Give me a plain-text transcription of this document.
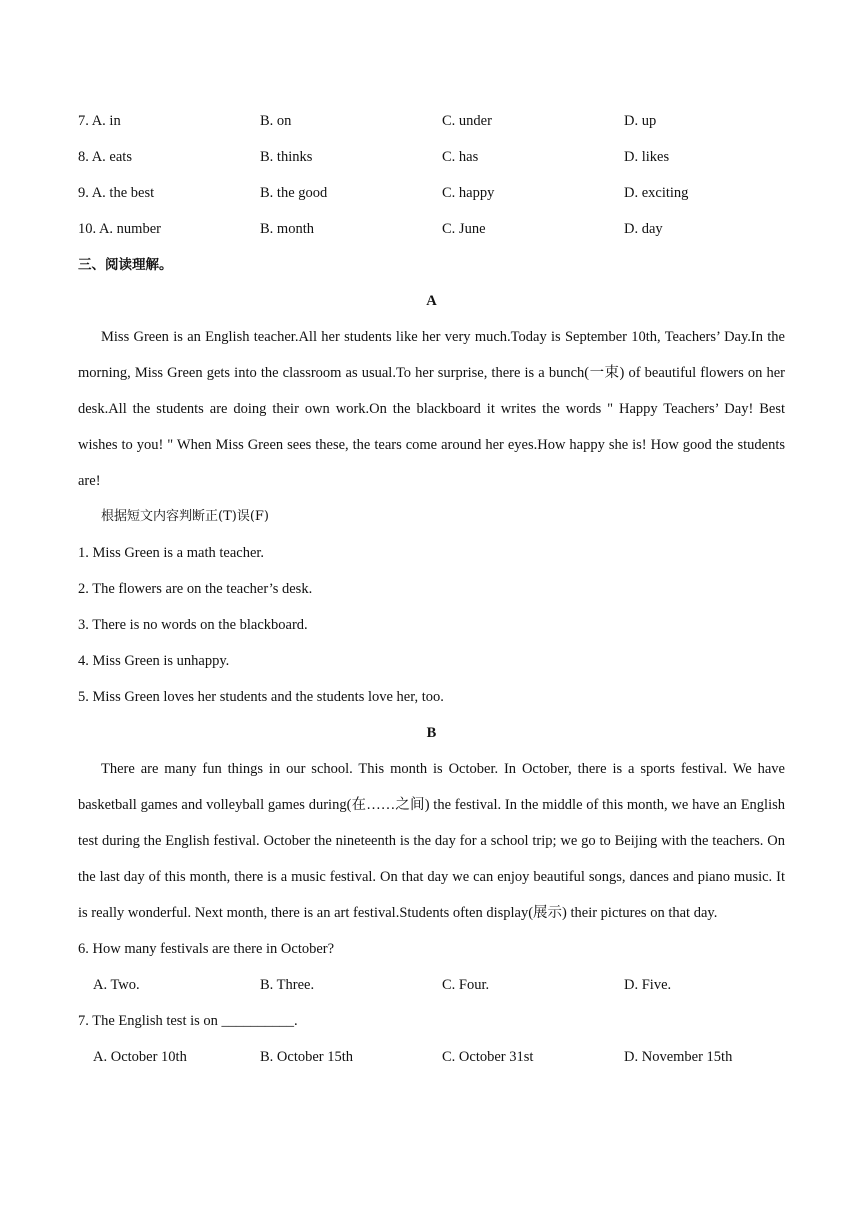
7. A. in	B. on	C. under	D. up
8. A. eats	B. thinks	C. has	D. likes
9. A. the best	B. the good	C. happy	D. exciting
10. A. number	B. month	C. June	D. day
三、阅读理解。
A
Miss Green is an English teacher.All her students like her very much.Today is September 10th, Teachers’ Day.In the morning, Miss Green gets into the classroom as usual.To her surprise, there is a bunch(一束) of beautiful flowers on her desk.All the students are doing their own work.On the blackboard it writes the words " Happy Teachers’ Day! Best wishes to you! " When Miss Green sees these, the tears come around her eyes.How happy she is! How good the students are!
根据短文内容判断正(T)误(F)
1. Miss Green is a math teacher.
2. The flowers are on the teacher’s desk.
3. There is no words on the blackboard.
4. Miss Green is unhappy.
5. Miss Green loves her students and the students love her, too.
B
There are many fun things in our school. This month is October. In October, there is a sports festival. We have basketball games and volleyball games during(在……之间) the festival. In the middle of this month, we have an English test during the English festival. October the nineteenth is the day for a school trip; we go to Beijing with the teachers. On the last day of this month, there is a music festival. On that day we can enjoy beautiful songs, dances and piano music. It is really wonderful. Next month, there is an art festival.Students often display(展示) their pictures on that day.
6. How many festivals are there in October?
A. Two.	B. Three.	C. Four.	D. Five.
7. The English test is on __________.
A. October 10th	B. October 15th	C. October 31st	D. November 15th
